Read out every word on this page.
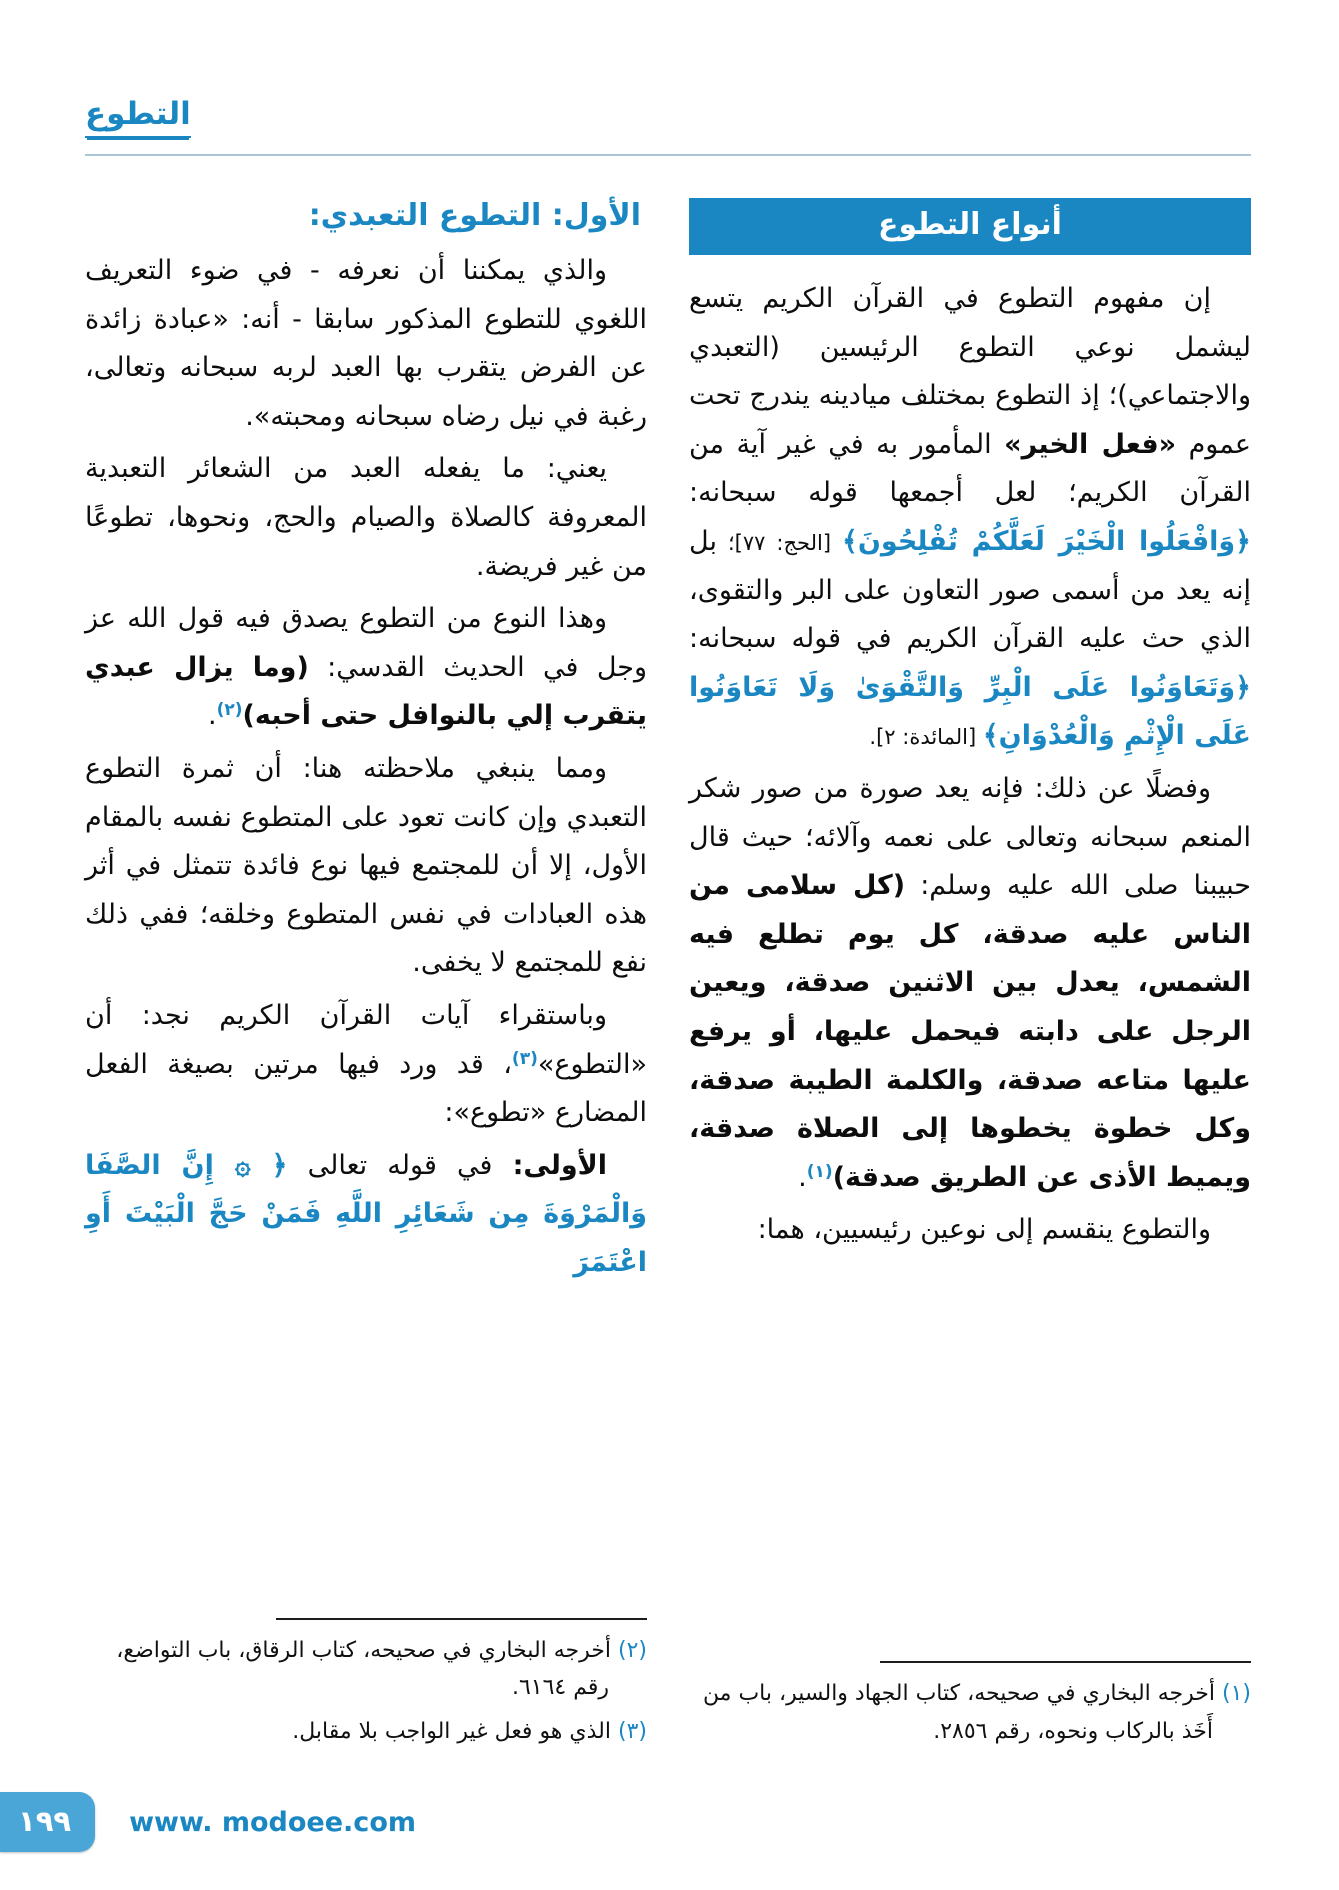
التطوع
أنواع التطوع

إن مفهوم التطوع في القرآن الكريم يتسع ليشمل نوعي التطوع الرئيسين (التعبدي والاجتماعي)؛ إذ التطوع بمختلف ميادينه يندرج تحت عموم «فعل الخير» المأمور به في غير آية من القرآن الكريم؛ لعل أجمعها قوله سبحانه: ﴿وَافْعَلُوا الْخَيْرَ لَعَلَّكُمْ تُفْلِحُونَ﴾ [الحج: ٧٧]؛ بل إنه يعد من أسمى صور التعاون على البر والتقوى، الذي حث عليه القرآن الكريم في قوله سبحانه: ﴿وَتَعَاوَنُوا عَلَى الْبِرِّ وَالتَّقْوَىٰ وَلَا تَعَاوَنُوا عَلَى الْإِثْمِ وَالْعُدْوَانِ﴾ [المائدة: ٢].

وفضلًا عن ذلك: فإنه يعد صورة من صور شكر المنعم سبحانه وتعالى على نعمه وآلائه؛ حيث قال حبيبنا صلى الله عليه وسلم: (كل سلامى من الناس عليه صدقة، كل يوم تطلع فيه الشمس، يعدل بين الاثنين صدقة، ويعين الرجل على دابته فيحمل عليها، أو يرفع عليها متاعه صدقة، والكلمة الطيبة صدقة، وكل خطوة يخطوها إلى الصلاة صدقة، ويميط الأذى عن الطريق صدقة)$^{(١)}$.

والتطوع ينقسم إلى نوعين رئيسيين، هما:

(١) أخرجه البخاري في صحيحه، كتاب الجهاد والسير، باب من أَخَذ بالركاب ونحوه، رقم ٢٨٥٦.

الأول: التطوع التعبدي:

والذي يمكننا أن نعرفه - في ضوء التعريف اللغوي للتطوع المذكور سابقا - أنه: «عبادة زائدة عن الفرض يتقرب بها العبد لربه سبحانه وتعالى، رغبة في نيل رضاه سبحانه ومحبته».

يعني: ما يفعله العبد من الشعائر التعبدية المعروفة كالصلاة والصيام والحج، ونحوها، تطوعًا من غير فريضة.

وهذا النوع من التطوع يصدق فيه قول الله عز وجل في الحديث القدسي: (وما يزال عبدي يتقرب إلي بالنوافل حتى أحبه)$^{(٢)}$.

ومما ينبغي ملاحظته هنا: أن ثمرة التطوع التعبدي وإن كانت تعود على المتطوع نفسه بالمقام الأول، إلا أن للمجتمع فيها نوع فائدة تتمثل في أثر هذه العبادات في نفس المتطوع وخلقه؛ ففي ذلك نفع للمجتمع لا يخفى.

وباستقراء آيات القرآن الكريم نجد: أن «التطوع»$^{(٣)}$، قد ورد فيها مرتين بصيغة الفعل المضارع «تطوع»:

الأولى: في قوله تعالى ﴿ ۞ إِنَّ الصَّفَا وَالْمَرْوَةَ مِن شَعَائِرِ اللَّهِ فَمَنْ حَجَّ الْبَيْتَ أَوِ اعْتَمَرَ

(٢) أخرجه البخاري في صحيحه، كتاب الرقاق، باب التواضع، رقم ٦١٦٤.

(٣) الذي هو فعل غير الواجب بلا مقابل.

١٩٩	www. modoee.com
